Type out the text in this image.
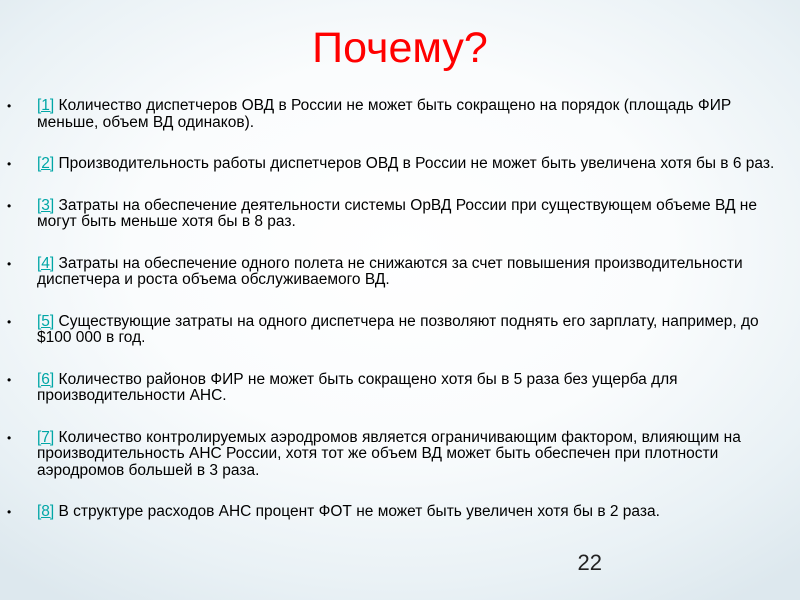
Почему?
• [1] Количество диспетчеров ОВД в России не может быть сокращено на порядок (площадь ФИР меньше, объем ВД одинаков).
• [2] Производительность работы диспетчеров ОВД в России не может быть увеличена хотя бы в 6 раз.
• [3] Затраты на обеспечение деятельности системы ОрВД России при существующем объеме ВД не могут быть меньше хотя бы в 8 раз.
• [4] Затраты на обеспечение одного полета не снижаются за счет повышения производительности диспетчера и роста объема обслуживаемого ВД.
• [5] Существующие затраты на одного диспетчера не позволяют поднять его зарплату, например, до $100 000 в год.
• [6] Количество районов ФИР не может быть сокращено хотя бы в 5 раза без ущерба для производительности АНС.
• [7] Количество контролируемых аэродромов является ограничивающим фактором, влияющим на производительность АНС России, хотя тот же объем ВД может быть обеспечен при плотности аэродромов большей в 3 раза.
• [8] В структуре расходов АНС процент ФОТ не может быть увеличен хотя бы в 2 раза.
22
